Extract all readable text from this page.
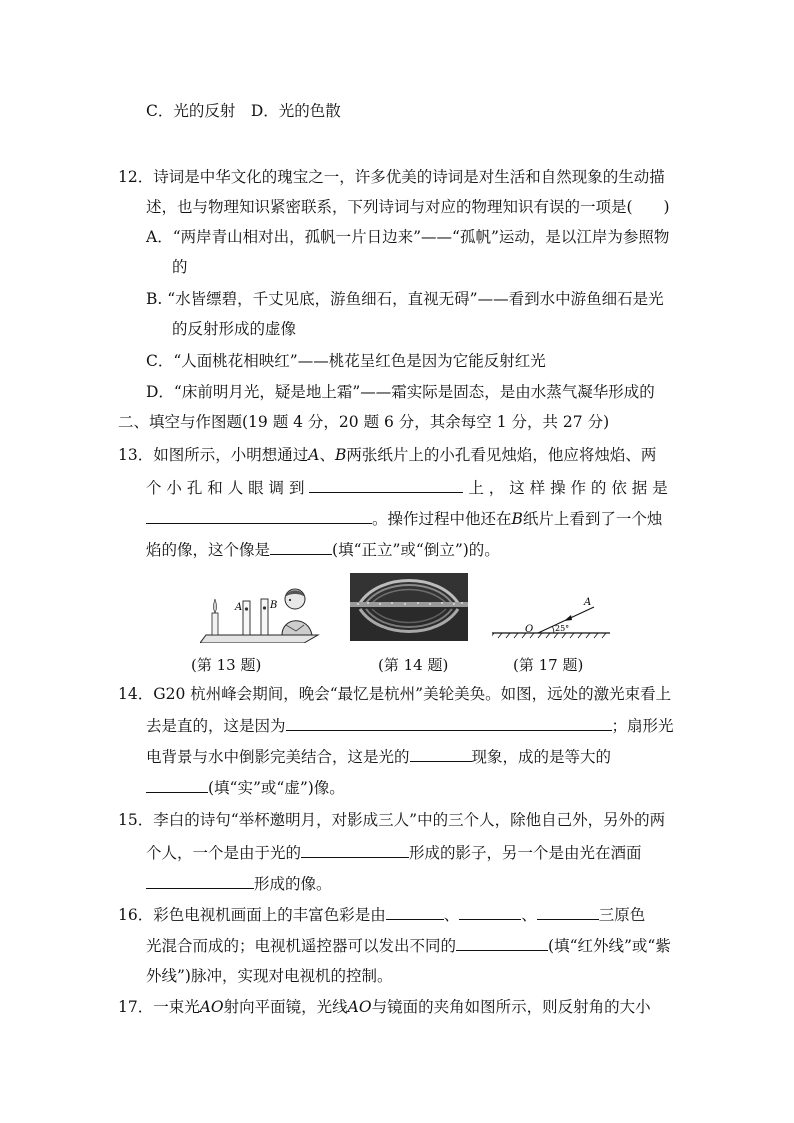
C．光的反射　D．光的色散
12．诗词是中华文化的瑰宝之一，许多优美的诗词是对生活和自然现象的生动描
述，也与物理知识紧密联系，下列诗词与对应的物理知识有误的一项是(　　)
A．“两岸青山相对出，孤帆一片日边来”——“孤帆”运动，是以江岸为参照物
的
B. “水皆缥碧，千丈见底，游鱼细石，直视无碍”——看到水中游鱼细石是光
的反射形成的虚像
C．“人面桃花相映红”——桃花呈红色是因为它能反射红光
D．“床前明月光，疑是地上霜”——霜实际是固态，是由水蒸气凝华形成的
二、填空与作图题(19 题 4 分，20 题 6 分，其余每空 1 分，共 27 分)
13．如图所示，小明想通过A、B两张纸片上的小孔看见烛焰，他应将烛焰、两
个 小 孔 和 人 眼 调 到	上 ， 这 样 操 作 的 依 据 是
。操作过程中他还在B纸片上看到了一个烛
焰的像，这个像是	(填“正立”或“倒立”)的。
A	B
(第 13 题)	(第 14 题)
O
A
25°
(第 17 题)
14．G20 杭州峰会期间，晚会“最忆是杭州”美轮美奂。如图，远处的激光束看上
去是直的，这是因为	；扇形光
电背景与水中倒影完美结合，这是光的	现象，成的是等大的
(填“实”或“虚”)像。
15．李白的诗句“举杯邀明月，对影成三人”中的三个人，除他自己外，另外的两
个人，一个是由于光的	形成的影子，另一个是由光在酒面
形成的像。
16．彩色电视机画面上的丰富色彩是由	、	、	三原色
光混合而成的；电视机遥控器可以发出不同的	(填“红外线”或“紫
外线”)脉冲，实现对电视机的控制。
17．一束光AO射向平面镜，光线AO与镜面的夹角如图所示，则反射角的大小
